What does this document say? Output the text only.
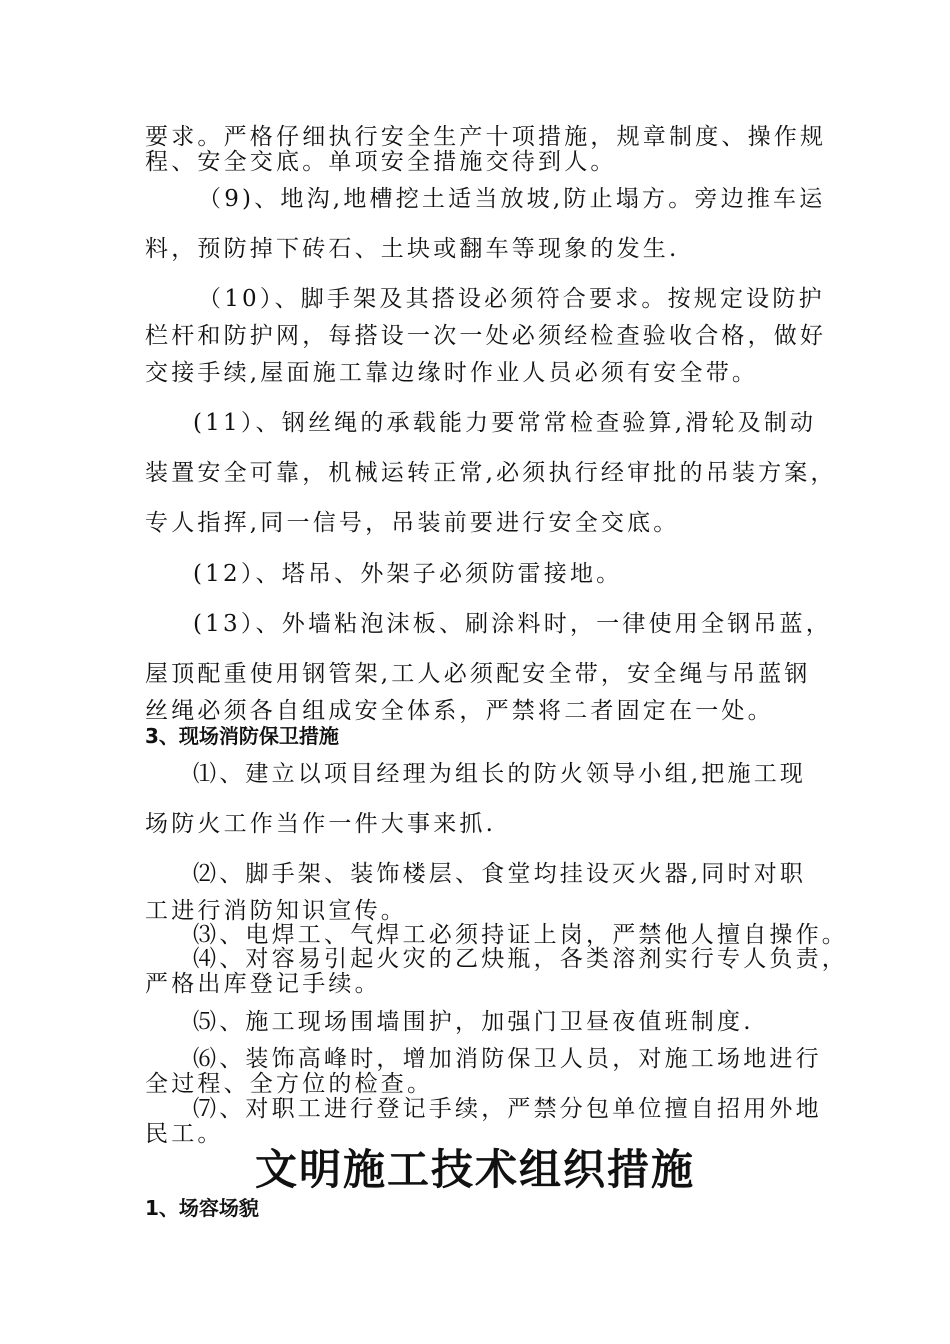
要求。严格仔细执行安全生产十项措施，规章制度、操作规
程、安全交底。单项安全措施交待到人。
（9)、地沟,地槽挖土适当放坡,防止塌方。旁边推车运
料，预防掉下砖石、土块或翻车等现象的发生.
（10）、脚手架及其搭设必须符合要求。按规定设防护
栏杆和防护网，每搭设一次一处必须经检查验收合格，做好
交接手续,屋面施工靠边缘时作业人员必须有安全带。
(11）、钢丝绳的承载能力要常常检查验算,滑轮及制动
装置安全可靠，机械运转正常,必须执行经审批的吊装方案，
专人指挥,同一信号，吊装前要进行安全交底。
(12）、塔吊、外架子必须防雷接地。
(13）、外墙粘泡沫板、刷涂料时，一律使用全钢吊蓝，
屋顶配重使用钢管架,工人必须配安全带，安全绳与吊蓝钢
丝绳必须各自组成安全体系，严禁将二者固定在一处。
3、现场消防保卫措施
⑴、建立以项目经理为组长的防火领导小组,把施工现
场防火工作当作一件大事来抓.
⑵、脚手架、装饰楼层、食堂均挂设灭火器,同时对职
工进行消防知识宣传。
⑶、电焊工、气焊工必须持证上岗，严禁他人擅自操作。
⑷、对容易引起火灾的乙炔瓶，各类溶剂实行专人负责，
严格出库登记手续。
⑸、施工现场围墙围护，加强门卫昼夜值班制度.
⑹、装饰高峰时，增加消防保卫人员，对施工场地进行
全过程、全方位的检查。
⑺、对职工进行登记手续，严禁分包单位擅自招用外地
民工。
文明施工技术组织措施
1、场容场貌
